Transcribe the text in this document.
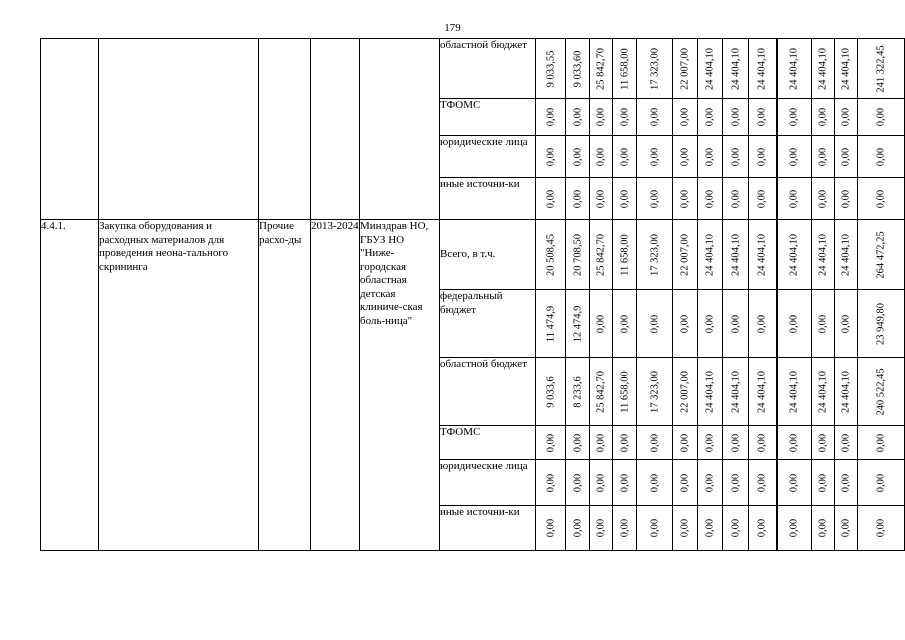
179
					областной бюджет	9 033,55	9 033,60	25 842,70	11 658,00	17 323,00	22 007,00	24 404,10	24 404,10	24 404,10	24 404,10	24 404,10	24 404,10	241 322,45

					ТФОМС	0,00	0,00	0,00	0,00	0,00	0,00	0,00	0,00	0,00	0,00	0,00	0,00	0,00

					юридические лица	0,00	0,00	0,00	0,00	0,00	0,00	0,00	0,00	0,00	0,00	0,00	0,00	0,00

					иные источни-ки	0,00	0,00	0,00	0,00	0,00	0,00	0,00	0,00	0,00	0,00	0,00	0,00	0,00

4.4.1.	Закупка оборудования и расходных материалов для проведения неона-тального скрининга	Прочие расхо-ды	2013-2024	Минздрав НО, ГБУЗ НО "Ниже-городская областная детская клиниче-ская боль-ница"	Всего, в т.ч.	20 508,45	20 708,50	25 842,70	11 658,00	17 323,00	22 007,00	24 404,10	24 404,10	24 404,10	24 404,10	24 404,10	24 404,10	264 472,25

					федеральный бюджет	11 474,9	12 474,9	0,00	0,00	0,00	0,00	0,00	0,00	0,00	0,00	0,00	0,00	23 949,80

					областной бюджет	9 033,6	8 233,6	25 842,70	11 658,00	17 323,00	22 007,00	24 404,10	24 404,10	24 404,10	24 404,10	24 404,10	24 404,10	240 522,45

					ТФОМС	0,00	0,00	0,00	0,00	0,00	0,00	0,00	0,00	0,00	0,00	0,00	0,00	0,00

					юридические лица	0,00	0,00	0,00	0,00	0,00	0,00	0,00	0,00	0,00	0,00	0,00	0,00	0,00

					иные источни-ки	0,00	0,00	0,00	0,00	0,00	0,00	0,00	0,00	0,00	0,00	0,00	0,00	0,00
